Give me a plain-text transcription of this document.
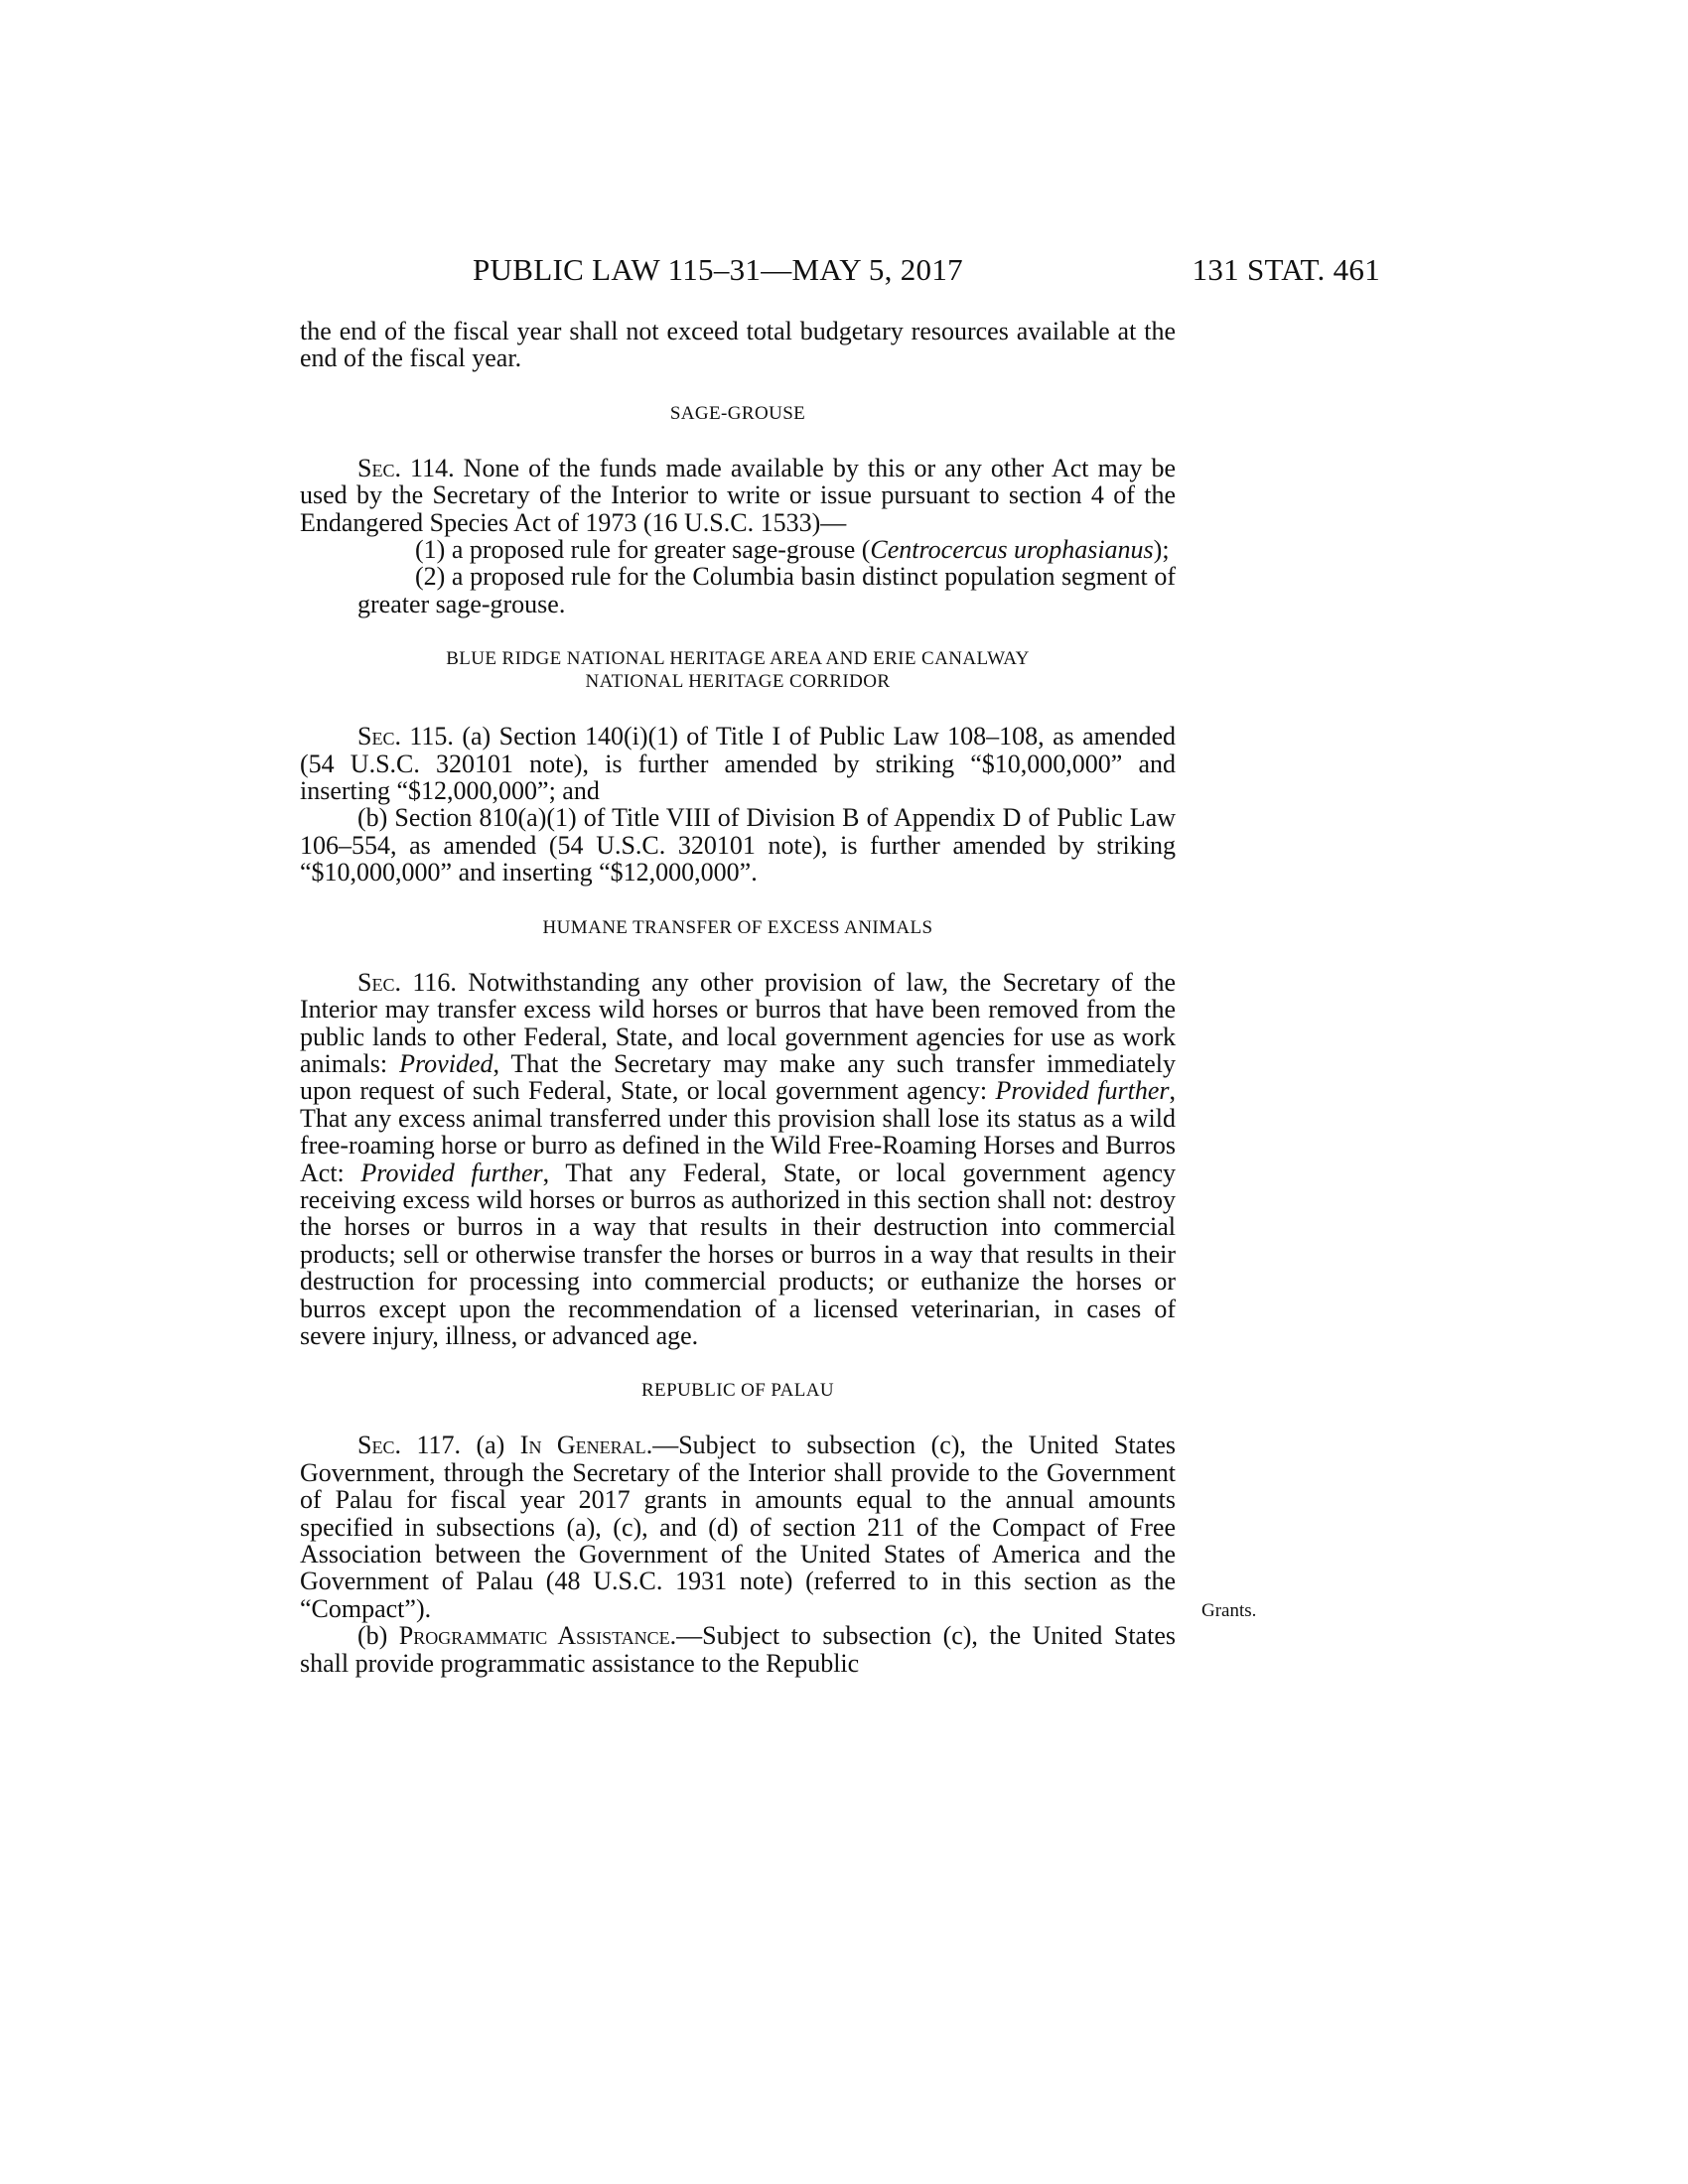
PUBLIC LAW 115–31—MAY 5, 2017	131 STAT. 461

the end of the fiscal year shall not exceed total budgetary resources available at the end of the fiscal year.

SAGE-GROUSE

Sec. 114. None of the funds made available by this or any other Act may be used by the Secretary of the Interior to write or issue pursuant to section 4 of the Endangered Species Act of 1973 (16 U.S.C. 1533)—

(1) a proposed rule for greater sage-grouse (Centrocercus urophasianus);

(2) a proposed rule for the Columbia basin distinct population segment of greater sage-grouse.

BLUE RIDGE NATIONAL HERITAGE AREA AND ERIE CANALWAY
NATIONAL HERITAGE CORRIDOR

Sec. 115. (a) Section 140(i)(1) of Title I of Public Law 108–108, as amended (54 U.S.C. 320101 note), is further amended by striking “$10,000,000” and inserting “$12,000,000”; and

(b) Section 810(a)(1) of Title VIII of Division B of Appendix D of Public Law 106–554, as amended (54 U.S.C. 320101 note), is further amended by striking “$10,000,000” and inserting “$12,000,000”.

HUMANE TRANSFER OF EXCESS ANIMALS

Sec. 116. Notwithstanding any other provision of law, the Secretary of the Interior may transfer excess wild horses or burros that have been removed from the public lands to other Federal, State, and local government agencies for use as work animals: Provided, That the Secretary may make any such transfer immediately upon request of such Federal, State, or local government agency: Provided further, That any excess animal transferred under this provision shall lose its status as a wild free-roaming horse or burro as defined in the Wild Free-Roaming Horses and Burros Act: Provided further, That any Federal, State, or local government agency receiving excess wild horses or burros as authorized in this section shall not: destroy the horses or burros in a way that results in their destruction into commercial products; sell or otherwise transfer the horses or burros in a way that results in their destruction for processing into commercial products; or euthanize the horses or burros except upon the recommendation of a licensed veterinarian, in cases of severe injury, illness, or advanced age.

REPUBLIC OF PALAU

Sec. 117. (a) In General.—Subject to subsection (c), the United States Government, through the Secretary of the Interior shall provide to the Government of Palau for fiscal year 2017 grants in amounts equal to the annual amounts specified in subsections (a), (c), and (d) of section 211 of the Compact of Free Association between the Government of the United States of America and the Government of Palau (48 U.S.C. 1931 note) (referred to in this section as the “Compact”).

(b) Programmatic Assistance.—Subject to subsection (c), the United States shall provide programmatic assistance to the Republic

Grants.
